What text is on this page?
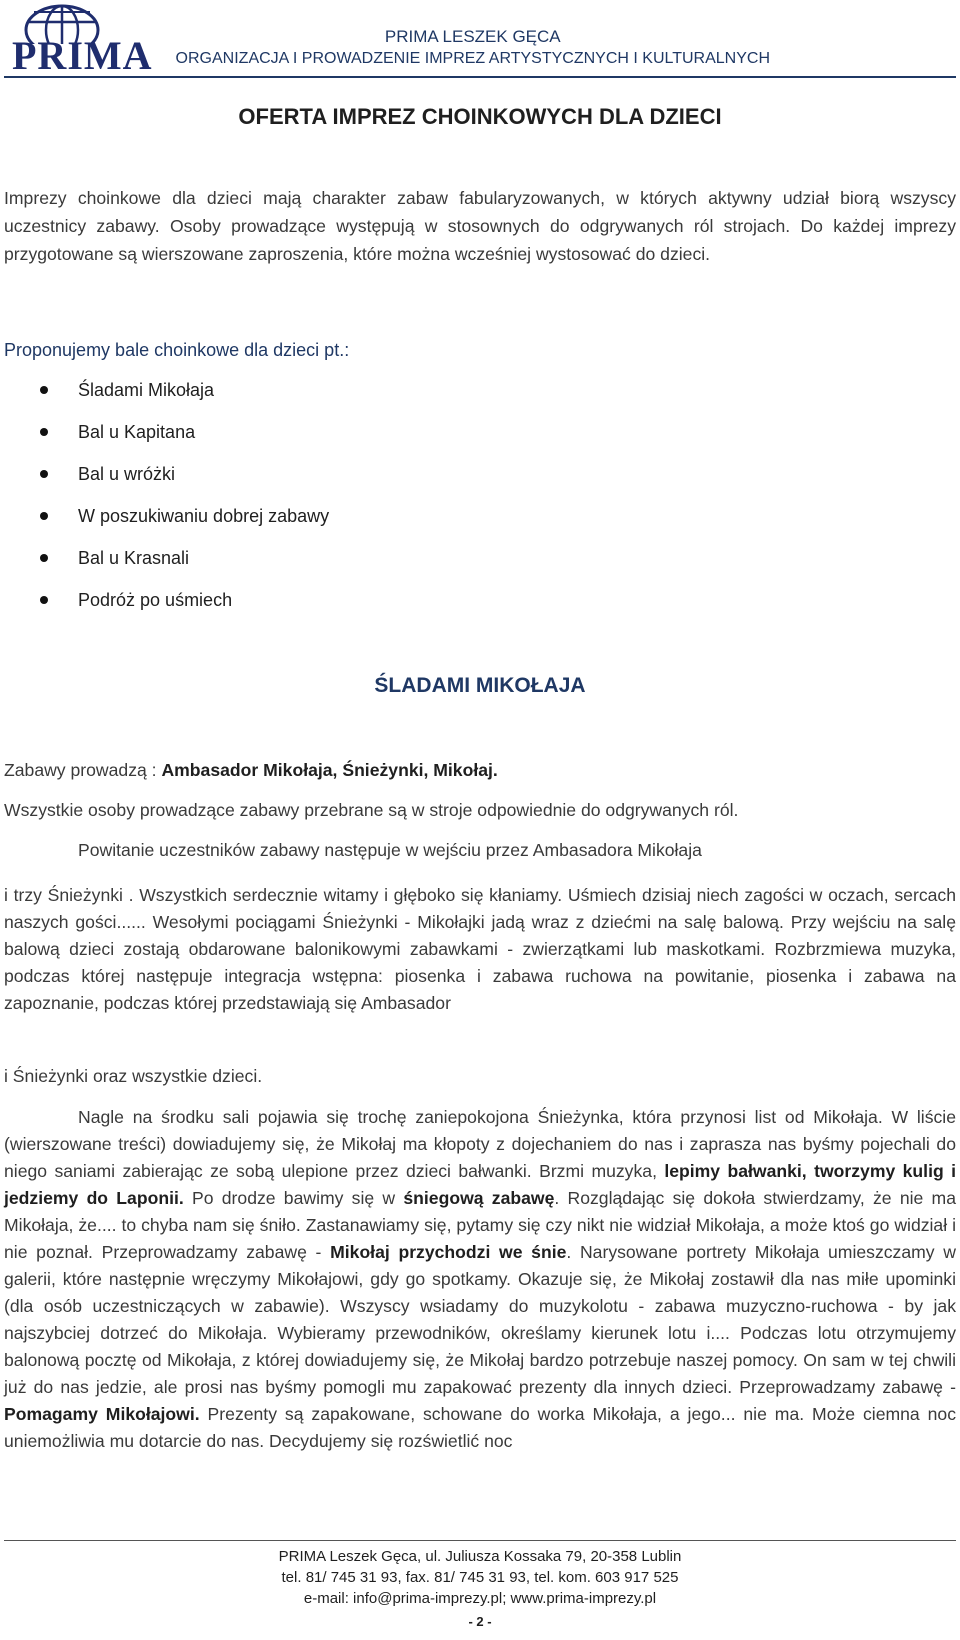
PRIMA	PRIMA LESZEK GĘCA
ORGANIZACJA I PROWADZENIE IMPREZ ARTYSTYCZNYCH I KULTURALNYCH
OFERTA IMPREZ CHOINKOWYCH DLA DZIECI
Imprezy choinkowe dla dzieci mają charakter zabaw fabularyzowanych, w których aktywny udział biorą wszyscy uczestnicy zabawy. Osoby prowadzące występują w stosownych do odgrywanych ról strojach. Do każdej imprezy przygotowane są wierszowane zaproszenia, które można wcześniej wystosować do dzieci.
Proponujemy bale choinkowe dla dzieci pt.:
Śladami Mikołaja
Bal u Kapitana
Bal u wróżki
W poszukiwaniu dobrej zabawy
Bal u Krasnali
Podróż po uśmiech
ŚLADAMI MIKOŁAJA
Zabawy prowadzą : Ambasador Mikołaja, Śnieżynki, Mikołaj.
Wszystkie osoby prowadzące zabawy przebrane są w stroje odpowiednie do odgrywanych ról.
Powitanie uczestników zabawy następuje w wejściu przez Ambasadora Mikołaja
i trzy Śnieżynki . Wszystkich serdecznie witamy i głęboko się kłaniamy. Uśmiech dzisiaj niech zagości w oczach, sercach naszych gości...... Wesołymi pociągami Śnieżynki - Mikołajki jadą wraz z dziećmi na salę balową. Przy wejściu na salę balową dzieci zostają obdarowane balonikowymi zabawkami - zwierzątkami lub maskotkami. Rozbrzmiewa muzyka, podczas której następuje integracja wstępna: piosenka i zabawa ruchowa na powitanie, piosenka i zabawa na zapoznanie, podczas której przedstawiają się Ambasador
i Śnieżynki oraz wszystkie dzieci.
Nagle na środku sali pojawia się trochę zaniepokojona Śnieżynka, która przynosi list od Mikołaja. W liście (wierszowane treści) dowiadujemy się, że Mikołaj ma kłopoty z dojechaniem do nas i zaprasza nas byśmy pojechali do niego saniami zabierając ze sobą ulepione przez dzieci bałwanki. Brzmi muzyka, lepimy bałwanki, tworzymy kulig i jedziemy do Laponii. Po drodze bawimy się w śniegową zabawę. Rozglądając się dokoła stwierdzamy, że nie ma Mikołaja, że.... to chyba nam się śniło. Zastanawiamy się, pytamy się czy nikt nie widział Mikołaja, a może ktoś go widział i nie poznał. Przeprowadzamy zabawę - Mikołaj przychodzi we śnie. Narysowane portrety Mikołaja umieszczamy w galerii, które następnie wręczymy Mikołajowi, gdy go spotkamy. Okazuje się, że Mikołaj zostawił dla nas miłe upominki (dla osób uczestniczących w zabawie). Wszyscy wsiadamy do muzykolotu - zabawa muzyczno-ruchowa - by jak najszybciej dotrzeć do Mikołaja. Wybieramy przewodników, określamy kierunek lotu i.... Podczas lotu otrzymujemy balonową pocztę od Mikołaja, z której dowiadujemy się, że Mikołaj bardzo potrzebuje naszej pomocy. On sam w tej chwili już do nas jedzie, ale prosi nas byśmy pomogli mu zapakować prezenty dla innych dzieci. Przeprowadzamy zabawę - Pomagamy Mikołajowi. Prezenty są zapakowane, schowane do worka Mikołaja, a jego... nie ma. Może ciemna noc uniemożliwia mu dotarcie do nas. Decydujemy się rozświetlić noc
PRIMA Leszek Gęca, ul. Juliusza Kossaka 79, 20-358 Lublin
tel. 81/ 745 31 93, fax. 81/ 745 31 93, tel. kom. 603 917 525
e-mail: info@prima-imprezy.pl; www.prima-imprezy.pl
- 2 -
